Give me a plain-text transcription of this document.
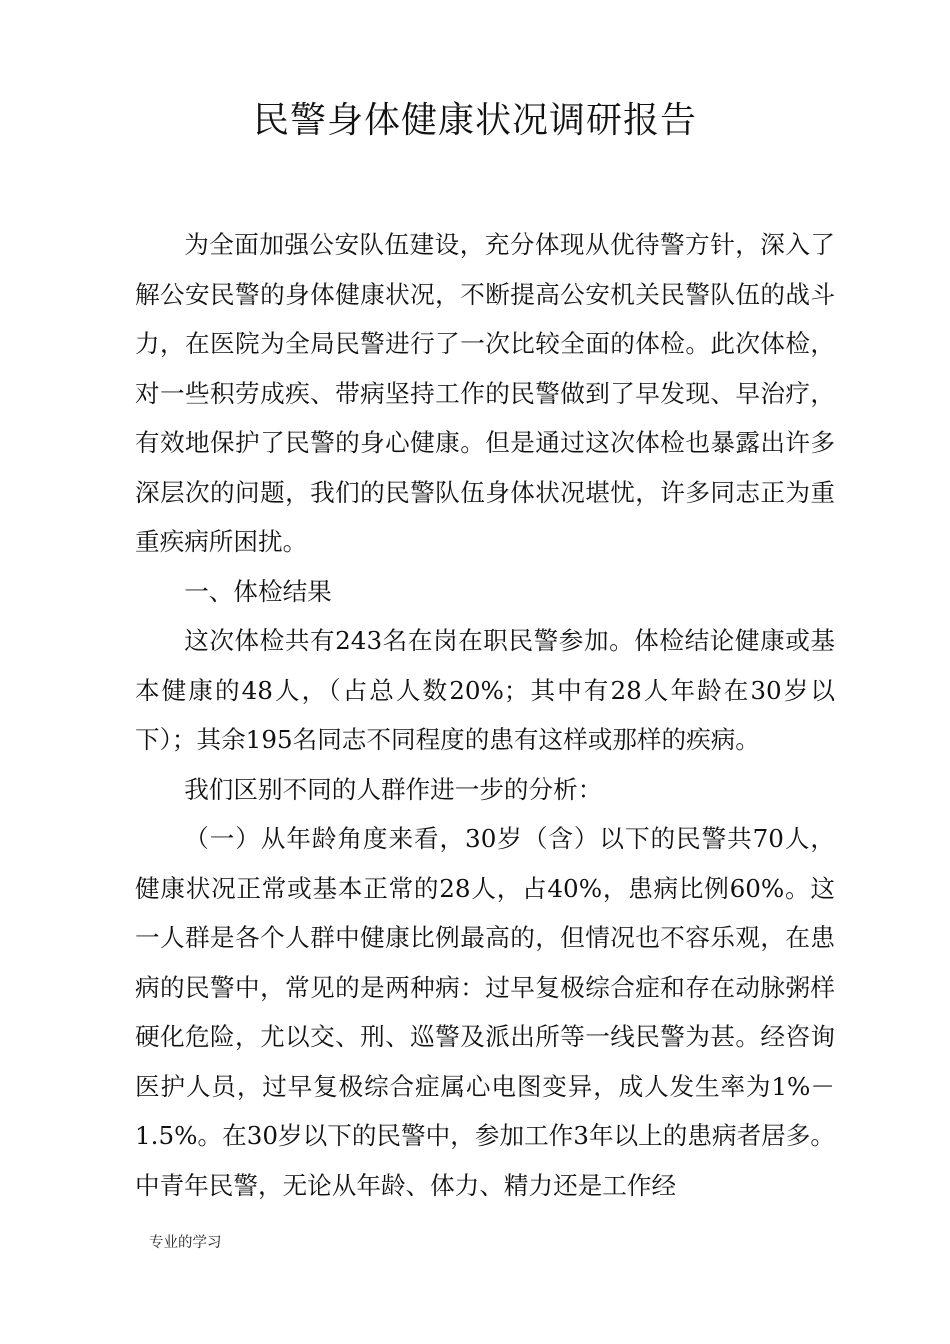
民警身体健康状况调研报告

为全面加强公安队伍建设，充分体现从优待警方针，深入了解公安民警的身体健康状况，不断提高公安机关民警队伍的战斗力，在医院为全局民警进行了一次比较全面的体检。此次体检，对一些积劳成疾、带病坚持工作的民警做到了早发现、早治疗，有效地保护了民警的身心健康。但是通过这次体检也暴露出许多深层次的问题，我们的民警队伍身体状况堪忧，许多同志正为重重疾病所困扰。

一、体检结果

这次体检共有243名在岗在职民警参加。体检结论健康或基本健康的48人，（占总人数20%；其中有28人年龄在30岁以下）；其余195名同志不同程度的患有这样或那样的疾病。

我们区别不同的人群作进一步的分析：

（一）从年龄角度来看，30岁（含）以下的民警共70人，健康状况正常或基本正常的28人，占40%，患病比例60%。这一人群是各个人群中健康比例最高的，但情况也不容乐观，在患病的民警中，常见的是两种病：过早复极综合症和存在动脉粥样硬化危险，尤以交、刑、巡警及派出所等一线民警为甚。经咨询医护人员，过早复极综合症属心电图变异，成人发生率为1%－1.5%。在30岁以下的民警中，参加工作3年以上的患病者居多。中青年民警，无论从年龄、体力、精力还是工作经

专业的学习
